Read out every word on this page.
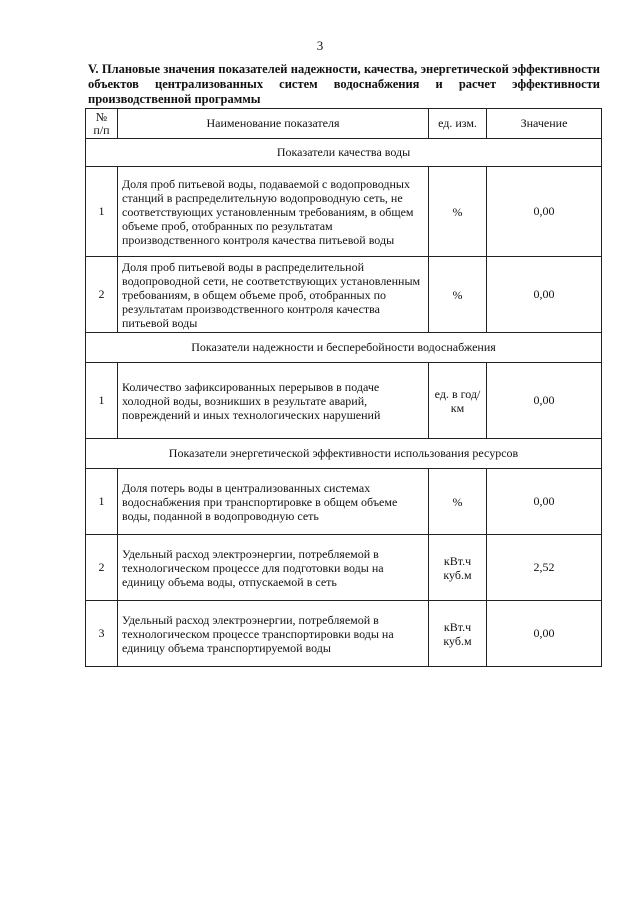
3
V. Плановые значения показателей надежности, качества, энергетической эффективности объектов централизованных систем водоснабжения и расчет эффективности производственной программы
№ п/п	Наименование показателя	ед. изм.	Значение
Показатели качества воды			
1	Доля проб питьевой воды, подаваемой с водопроводных станций в распределительную водопроводную сеть, не соответствующих установленным требованиям, в общем объеме проб, отобранных по результатам производственного контроля качества питьевой воды	%	0,00
2	Доля проб питьевой воды в распределительной водопроводной сети, не соответствующих установленным требованиям, в общем объеме проб, отобранных по результатам производственного контроля качества питьевой воды	%	0,00
Показатели надежности и бесперебойности водоснабжения			
1	Количество зафиксированных перерывов в подаче холодной воды, возникших в результате аварий, повреждений и иных технологических нарушений	ед. в год/ км	0,00
Показатели энергетической эффективности использования ресурсов			
1	Доля потерь воды в централизованных системах водоснабжения при транспортировке в общем объеме воды, поданной в водопроводную сеть	%	0,00
2	Удельный расход электроэнергии, потребляемой в технологическом процессе для подготовки воды на единицу объема воды, отпускаемой в сеть	кВт.ч куб.м	2,52
3	Удельный расход электроэнергии, потребляемой в технологическом процессе транспортировки воды на единицу объема транспортируемой воды	кВт.ч куб.м	0,00
